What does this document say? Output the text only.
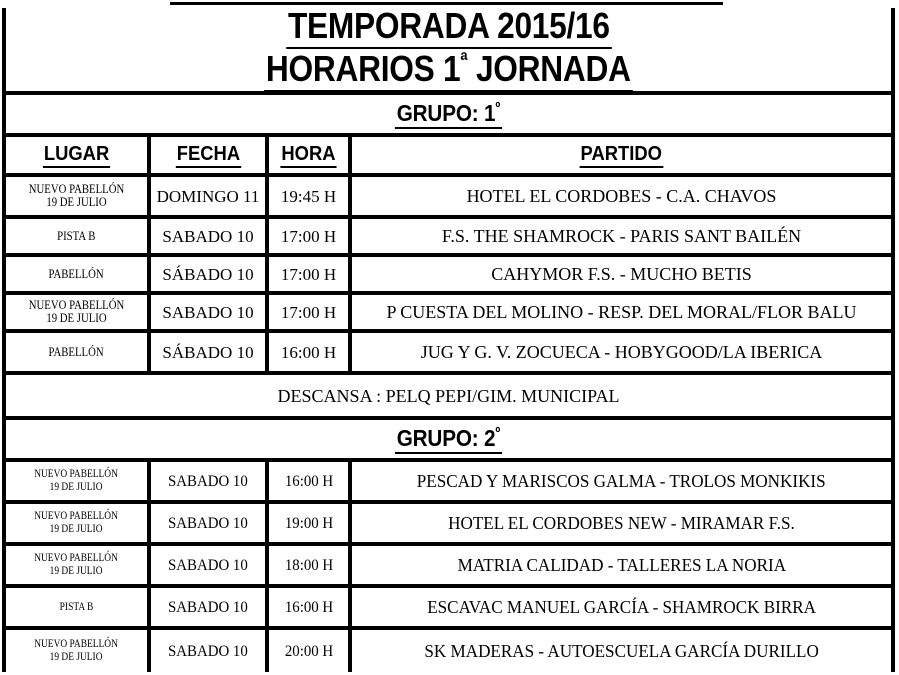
TEMPORADA 2015/16
HORARIOS $1^ª$ JORNADA
GRUPO: $1^º$
LUGAR	FECHA HORA	PARTIDO
NUEVO PABELLÓN
19 DE JULIO	DOMINGO 11 19:45 H	HOTEL EL CORDOBES - C.A. CHAVOS
PISTA B	SABADO 10 17:00 H	F.S. THE SHAMROCK - PARIS SANT BAILÉN
PABELLÓN	SÁBADO 10 17:00 H	CAHYMOR F.S. - MUCHO BETIS
NUEVO PABELLÓN
19 DE JULIO	SABADO 10 17:00 H	P CUESTA DEL MOLINO - RESP. DEL MORAL/FLOR BALU
PABELLÓN	SÁBADO 10 16:00 H	JUG Y G. V. ZOCUECA - HOBYGOOD/LA IBERICA
DESCANSA : PELQ PEPI/GIM. MUNICIPAL
GRUPO: $2^º$
NUEVO PABELLÓN
19 DE JULIO	SABADO 10 16:00 H	PESCAD Y MARISCOS GALMA - TROLOS MONKIKIS
NUEVO PABELLÓN
19 DE JULIO	SABADO 10 19:00 H	HOTEL EL CORDOBES NEW - MIRAMAR F.S.
NUEVO PABELLÓN
19 DE JULIO	SABADO 10 18:00 H	MATRIA CALIDAD - TALLERES LA NORIA
PISTA B	SABADO 10 16:00 H	ESCAVAC MANUEL GARCÍA - SHAMROCK BIRRA
NUEVO PABELLÓN
19 DE JULIO	SABADO 10 20:00 H	SK MADERAS - AUTOESCUELA GARCÍA DURILLO
